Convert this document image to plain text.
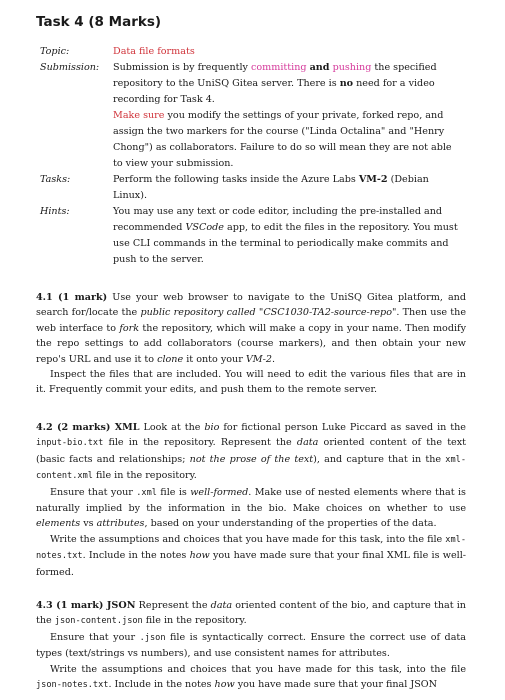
Task 4 (8 Marks)
Topic:	Data file formats
Submission:	Submission is by frequently committing and pushing the specified repository to the UniSQ Gitea server. There is no need for a video recording for Task 4.
Make sure you modify the settings of your private, forked repo, and assign the two markers for the course ("Linda Octalina" and "Henry Chong") as collaborators. Failure to do so will mean they are not able to view your submission.
Tasks:	Perform the following tasks inside the Azure Labs VM-2 (Debian Linux).
Hints:	You may use any text or code editor, including the pre-installed and recommended VSCode app, to edit the files in the repository. You must use CLI commands in the terminal to periodically make commits and push to the server.

4.1 (1 mark) Use your web browser to navigate to the UniSQ Gitea platform, and search for/locate the public repository called "CSC1030-TA2-source-repo". Then use the web interface to fork the repository, which will make a copy in your name. Then modify the repo settings to add collaborators (course markers), and then obtain your new repo's URL and use it to clone it onto your VM-2.

Inspect the files that are included. You will need to edit the various files that are in it. Frequently commit your edits, and push them to the remote server.

4.2 (2 marks) XML Look at the bio for fictional person Luke Piccard as saved in the input-bio.txt file in the repository. Represent the data oriented content of the text (basic facts and relationships; not the prose of the text), and capture that in the xml-content.xml file in the repository.

Ensure that your .xml file is well-formed. Make use of nested elements where that is naturally implied by the information in the bio. Make choices on whether to use elements vs attributes, based on your understanding of the properties of the data.

Write the assumptions and choices that you have made for this task, into the file xml-notes.txt. Include in the notes how you have made sure that your final XML file is well-formed.

4.3 (1 mark) JSON Represent the data oriented content of the bio, and capture that in the json-content.json file in the repository.

Ensure that your .json file is syntactically correct. Ensure the correct use of data types (text/strings vs numbers), and use consistent names for attributes.

Write the assumptions and choices that you have made for this task, into the file json-notes.txt. Include in the notes how you have made sure that your final JSON
